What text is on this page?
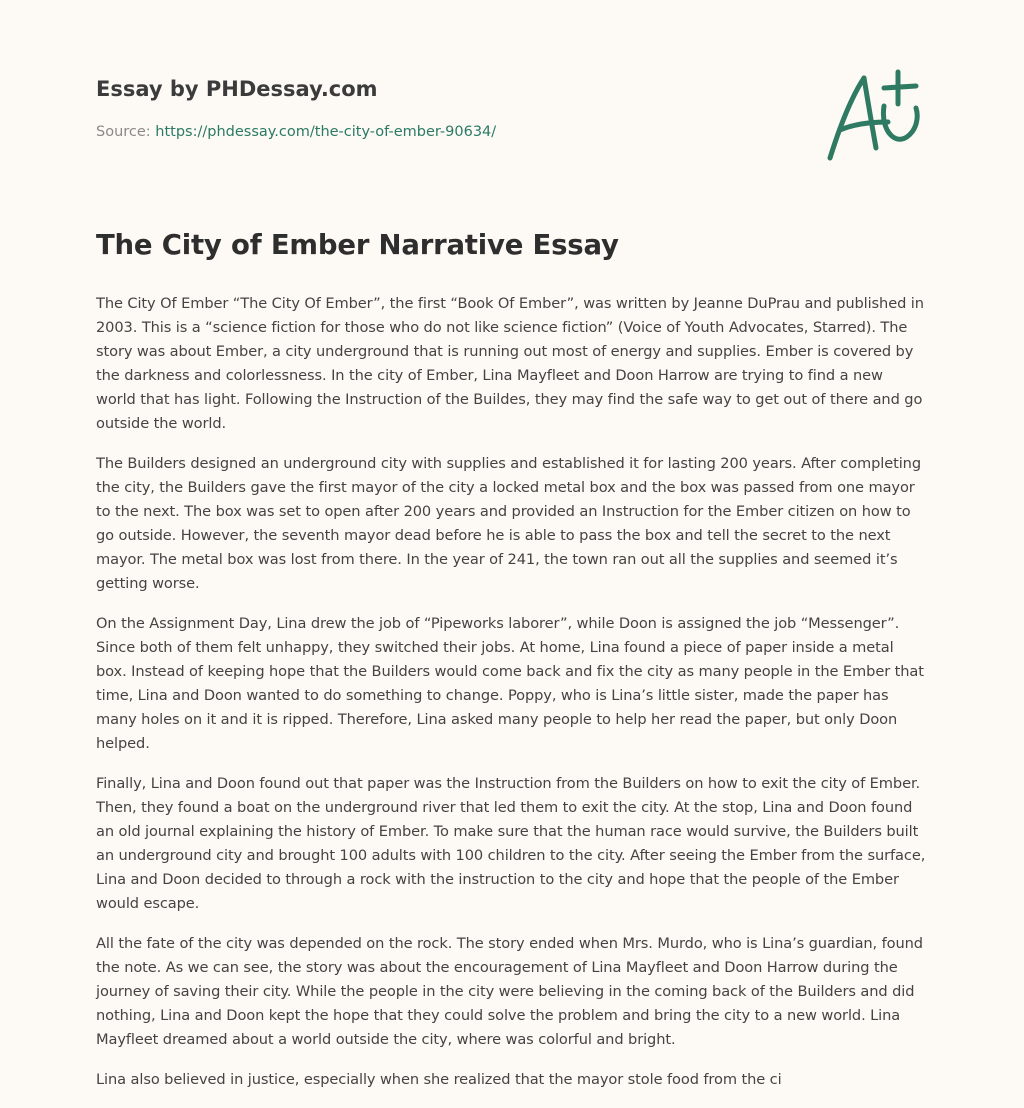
Essay by PHDessay.com
Source: https://phdessay.com/the-city-of-ember-90634/
The City of Ember Narrative Essay

The City Of Ember “The City Of Ember”, the first “Book Of Ember”, was written by Jeanne DuPrau and published in 2003. This is a “science fiction for those who do not like science fiction” (Voice of Youth Advocates, Starred). The story was about Ember, a city underground that is running out most of energy and supplies. Ember is covered by the darkness and colorlessness. In the city of Ember, Lina Mayfleet and Doon Harrow are trying to find a new world that has light. Following the Instruction of the Buildes, they may find the safe way to get out of there and go outside the world.

The Builders designed an underground city with supplies and established it for lasting 200 years. After completing the city, the Builders gave the first mayor of the city a locked metal box and the box was passed from one mayor to the next. The box was set to open after 200 years and provided an Instruction for the Ember citizen on how to go outside. However, the seventh mayor dead before he is able to pass the box and tell the secret to the next mayor. The metal box was lost from there. In the year of 241, the town ran out all the supplies and seemed it’s getting worse.

On the Assignment Day, Lina drew the job of “Pipeworks laborer”, while Doon is assigned the job “Messenger”. Since both of them felt unhappy, they switched their jobs. At home, Lina found a piece of paper inside a metal box. Instead of keeping hope that the Builders would come back and fix the city as many people in the Ember that time, Lina and Doon wanted to do something to change. Poppy, who is Lina’s little sister, made the paper has many holes on it and it is ripped. Therefore, Lina asked many people to help her read the paper, but only Doon helped.

Finally, Lina and Doon found out that paper was the Instruction from the Builders on how to exit the city of Ember. Then, they found a boat on the underground river that led them to exit the city. At the stop, Lina and Doon found an old journal explaining the history of Ember. To make sure that the human race would survive, the Builders built an underground city and brought 100 adults with 100 children to the city. After seeing the Ember from the surface, Lina and Doon decided to through a rock with the instruction to the city and hope that the people of the Ember would escape.

All the fate of the city was depended on the rock. The story ended when Mrs. Murdo, who is Lina’s guardian, found the note. As we can see, the story was about the encouragement of Lina Mayfleet and Doon Harrow during the journey of saving their city. While the people in the city were believing in the coming back of the Builders and did nothing, Lina and Doon kept the hope that they could solve the problem and bring the city to a new world. Lina Mayfleet dreamed about a world outside the city, where was colorful and bright.

Lina also believed in justice, especially when she realized that the mayor stole food from the ci
